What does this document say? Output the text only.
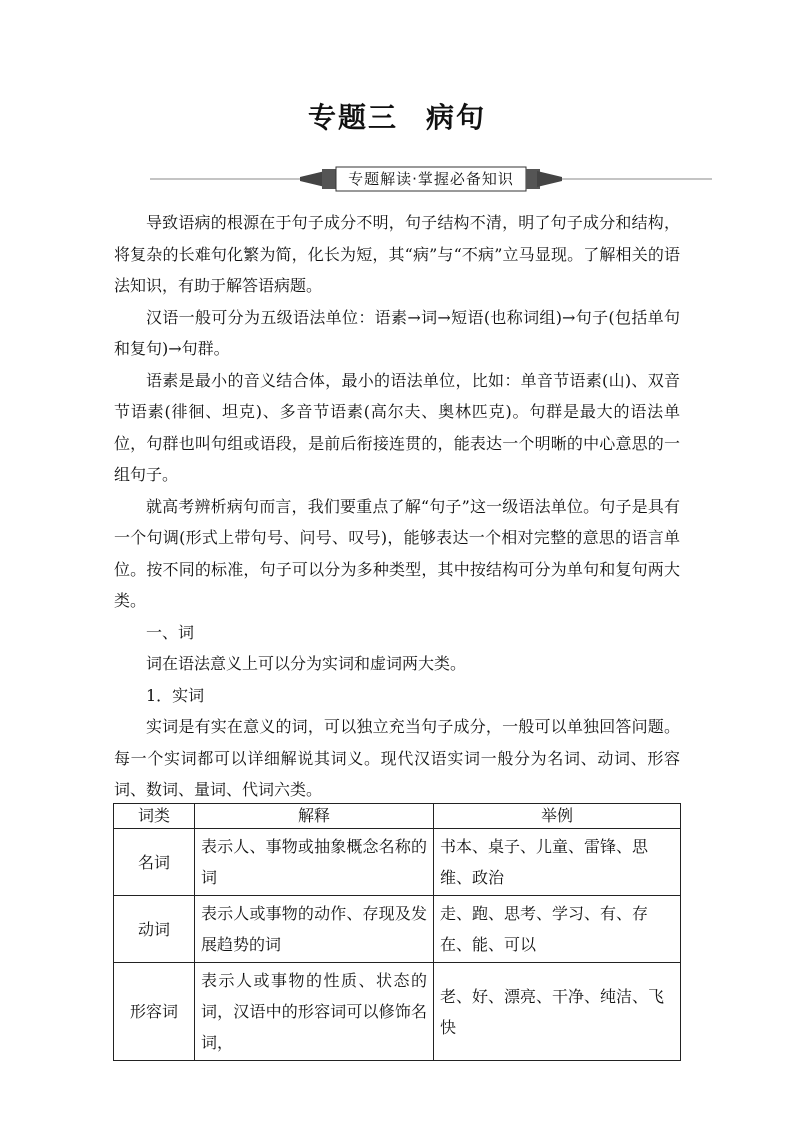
专题三 病句
专题解读·掌握必备知识

导致语病的根源在于句子成分不明，句子结构不清，明了句子成分和结构，将复杂的长难句化繁为简，化长为短，其“病”与“不病”立马显现。了解相关的语法知识，有助于解答语病题。

汉语一般可分为五级语法单位：语素→词→短语(也称词组)→句子(包括单句和复句)→句群。

语素是最小的音义结合体，最小的语法单位，比如：单音节语素(山)、双音节语素(徘徊、坦克)、多音节语素(高尔夫、奥林匹克)。句群是最大的语法单位，句群也叫句组或语段，是前后衔接连贯的，能表达一个明晰的中心意思的一组句子。

就高考辨析病句而言，我们要重点了解“句子”这一级语法单位。句子是具有一个句调(形式上带句号、问号、叹号)，能够表达一个相对完整的意思的语言单位。按不同的标准，句子可以分为多种类型，其中按结构可分为单句和复句两大类。

一、词

词在语法意义上可以分为实词和虚词两大类。

1．实词

实词是有实在意义的词，可以独立充当句子成分，一般可以单独回答问题。每一个实词都可以详细解说其词义。现代汉语实词一般分为名词、动词、形容词、数词、量词、代词六类。

词类	解释	举例
名词	表示人、事物或抽象概念名称的词	书本、桌子、儿童、雷锋、思维、政治
动词	表示人或事物的动作、存现及发展趋势的词	走、跑、思考、学习、有、存在、能、可以
形容词	表示人或事物的性质、状态的词，汉语中的形容词可以修饰名词，	老、好、漂亮、干净、纯洁、飞快
